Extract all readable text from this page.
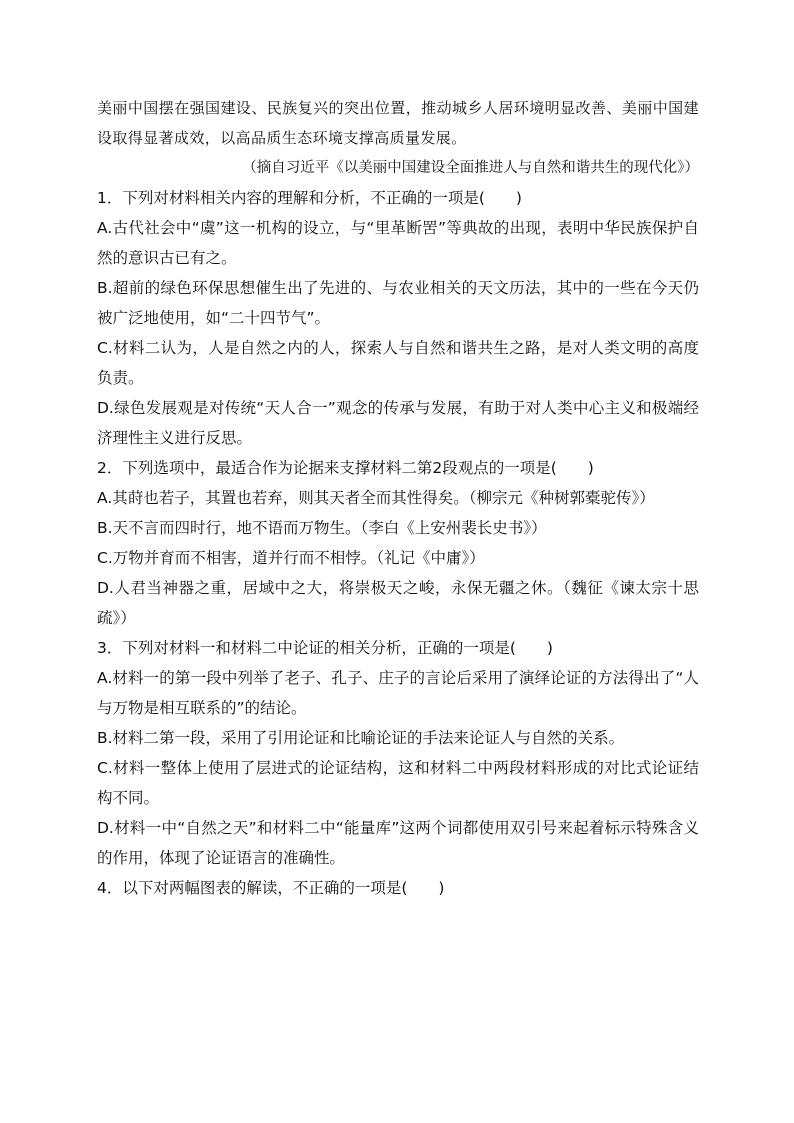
美丽中国摆在强国建设、民族复兴的突出位置，推动城乡人居环境明显改善、美丽中国建设取得显著成效，以高品质生态环境支撑高质量发展。

（摘自习近平《以美丽中国建设全面推进人与自然和谐共生的现代化》）

1．下列对材料相关内容的理解和分析，不正确的一项是(　　)

A.古代社会中“虞”这一机构的设立，与“里革断罟”等典故的出现，表明中华民族保护自然的意识古已有之。

B.超前的绿色环保思想催生出了先进的、与农业相关的天文历法，其中的一些在今天仍被广泛地使用，如“二十四节气”。

C.材料二认为，人是自然之内的人，探索人与自然和谐共生之路，是对人类文明的高度负责。

D.绿色发展观是对传统“天人合一”观念的传承与发展，有助于对人类中心主义和极端经济理性主义进行反思。

2．下列选项中，最适合作为论据来支撑材料二第2段观点的一项是(　　)

A.其莳也若子，其置也若弃，则其天者全而其性得矣。（柳宗元《种树郭橐驼传》）

B.天不言而四时行，地不语而万物生。（李白《上安州裴长史书》）

C.万物并育而不相害，道并行而不相悖。（礼记《中庸》）

D.人君当神器之重，居域中之大，将崇极天之峻，永保无疆之休。（魏征《谏太宗十思疏》）

3．下列对材料一和材料二中论证的相关分析，正确的一项是(　　)

A.材料一的第一段中列举了老子、孔子、庄子的言论后采用了演绎论证的方法得出了“人与万物是相互联系的”的结论。

B.材料二第一段，采用了引用论证和比喻论证的手法来论证人与自然的关系。

C.材料一整体上使用了层进式的论证结构，这和材料二中两段材料形成的对比式论证结构不同。

D.材料一中“自然之天”和材料二中“能量库”这两个词都使用双引号来起着标示特殊含义的作用，体现了论证语言的准确性。

4．以下对两幅图表的解读，不正确的一项是(　　)
